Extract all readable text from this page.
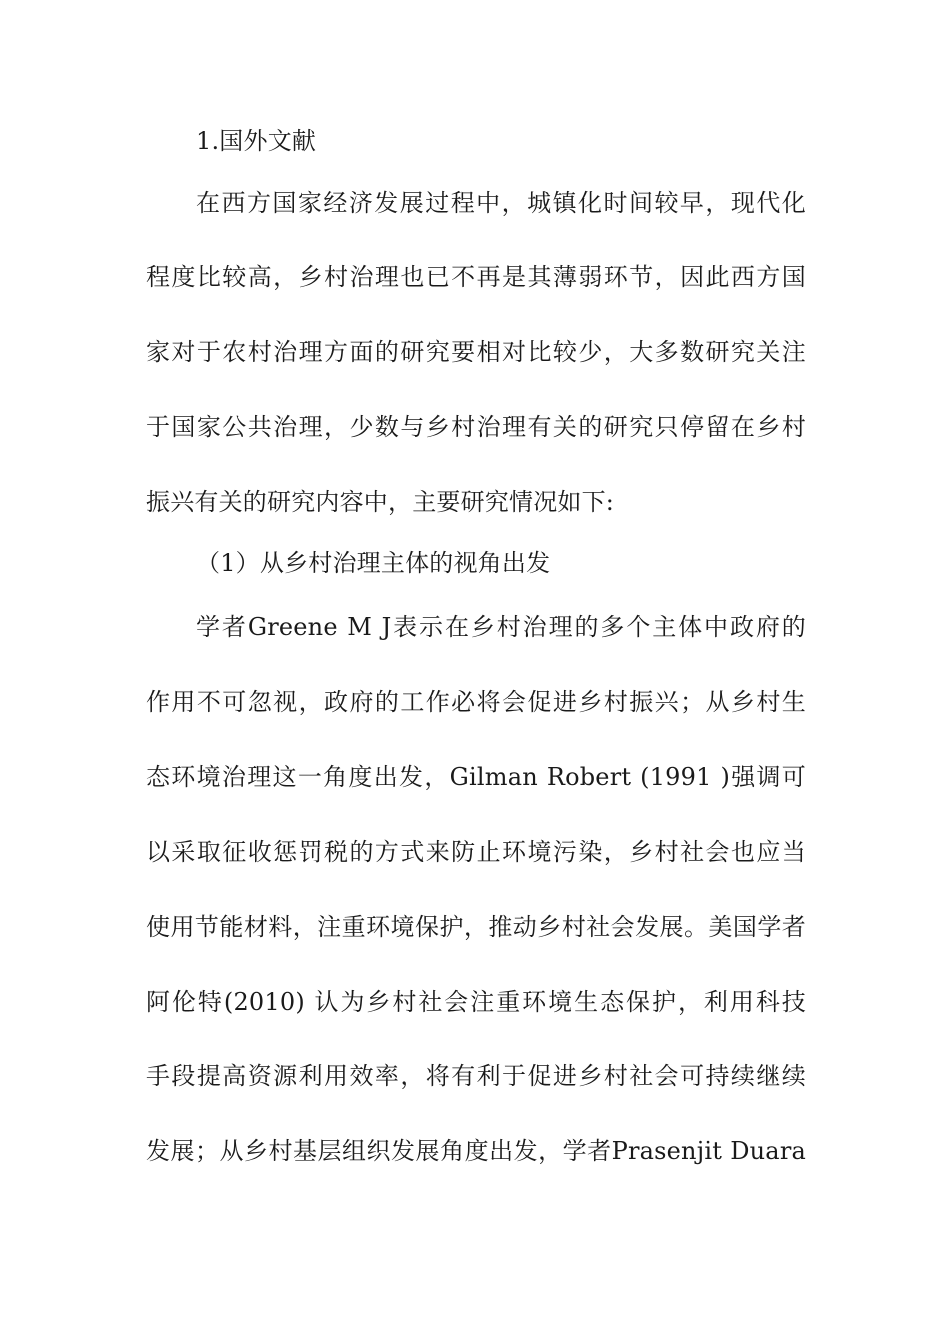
1.国外文献
在西方国家经济发展过程中，城镇化时间较早，现代化
程度比较高，乡村治理也已不再是其薄弱环节，因此西方国
家对于农村治理方面的研究要相对比较少，大多数研究关注
于国家公共治理，少数与乡村治理有关的研究只停留在乡村
振兴有关的研究内容中，主要研究情况如下:
（1）从乡村治理主体的视角出发
学者Greene M J表示在乡村治理的多个主体中政府的
作用不可忽视，政府的工作必将会促进乡村振兴；从乡村生
态环境治理这一角度出发，Gilman Robert (1991 )强调可
以采取征收惩罚税的方式来防止环境污染，乡村社会也应当
使用节能材料，注重环境保护，推动乡村社会发展。美国学者
阿伦特(2010) 认为乡村社会注重环境生态保护，利用科技
手段提高资源利用效率，将有利于促进乡村社会可持续继续
发展；从乡村基层组织发展角度出发，学者Prasenjit Duara
